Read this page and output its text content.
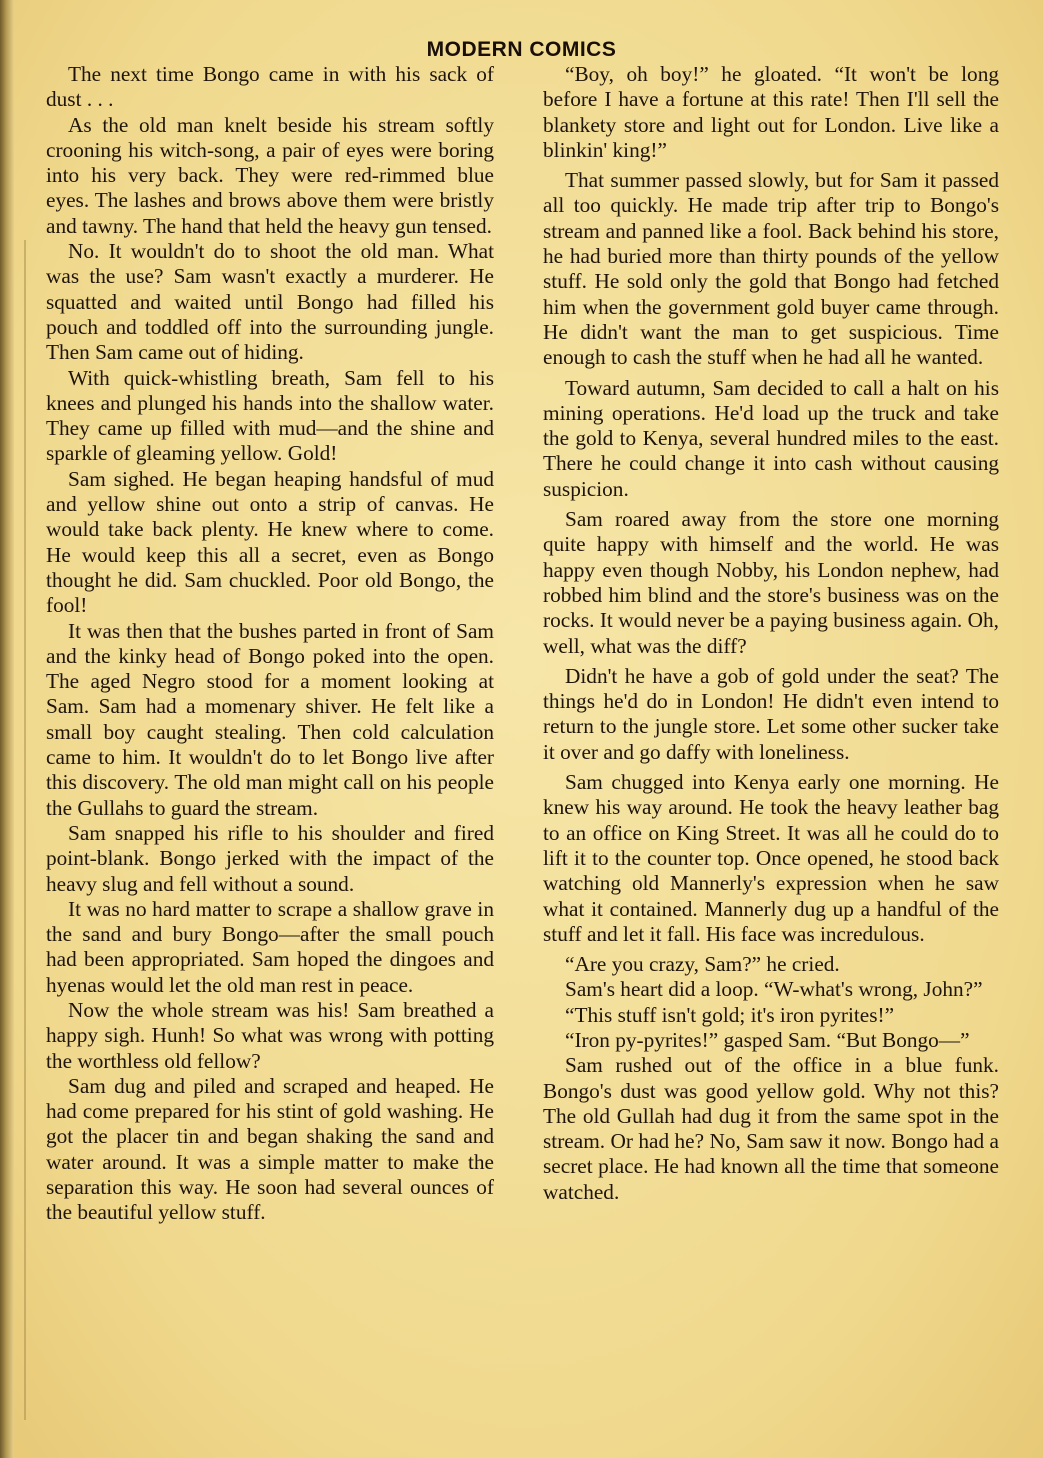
MODERN COMICS

The next time Bongo came in with his sack of dust . . .

As the old man knelt beside his stream softly crooning his witch-song, a pair of eyes were boring into his very back. They were red-rimmed blue eyes. The lashes and brows above them were bristly and tawny. The hand that held the heavy gun tensed.

No. It wouldn't do to shoot the old man. What was the use? Sam wasn't exactly a murderer. He squatted and waited until Bongo had filled his pouch and toddled off into the surrounding jungle. Then Sam came out of hiding.

With quick-whistling breath, Sam fell to his knees and plunged his hands into the shallow water. They came up filled with mud—and the shine and sparkle of gleaming yellow. Gold!

Sam sighed. He began heaping handsful of mud and yellow shine out onto a strip of canvas. He would take back plenty. He knew where to come. He would keep this all a secret, even as Bongo thought he did. Sam chuckled. Poor old Bongo, the fool!

It was then that the bushes parted in front of Sam and the kinky head of Bongo poked into the open. The aged Negro stood for a moment looking at Sam. Sam had a momenary shiver. He felt like a small boy caught stealing. Then cold calculation came to him. It wouldn't do to let Bongo live after this discovery. The old man might call on his people the Gullahs to guard the stream.

Sam snapped his rifle to his shoulder and fired point-blank. Bongo jerked with the impact of the heavy slug and fell without a sound.

It was no hard matter to scrape a shallow grave in the sand and bury Bongo—after the small pouch had been appropriated. Sam hoped the dingoes and hyenas would let the old man rest in peace.

Now the whole stream was his! Sam breathed a happy sigh. Hunh! So what was wrong with potting the worthless old fellow?

Sam dug and piled and scraped and heaped. He had come prepared for his stint of gold washing. He got the placer tin and began shaking the sand and water around. It was a simple matter to make the separation this way. He soon had several ounces of the beautiful yellow stuff.

“Boy, oh boy!” he gloated. “It won't be long before I have a fortune at this rate! Then I'll sell the blankety store and light out for London. Live like a blinkin' king!”

That summer passed slowly, but for Sam it passed all too quickly. He made trip after trip to Bongo's stream and panned like a fool. Back behind his store, he had buried more than thirty pounds of the yellow stuff. He sold only the gold that Bongo had fetched him when the government gold buyer came through. He didn't want the man to get suspicious. Time enough to cash the stuff when he had all he wanted.

Toward autumn, Sam decided to call a halt on his mining operations. He'd load up the truck and take the gold to Kenya, several hundred miles to the east. There he could change it into cash without causing suspicion.

Sam roared away from the store one morning quite happy with himself and the world. He was happy even though Nobby, his London nephew, had robbed him blind and the store's business was on the rocks. It would never be a paying business again. Oh, well, what was the diff?

Didn't he have a gob of gold under the seat? The things he'd do in London! He didn't even intend to return to the jungle store. Let some other sucker take it over and go daffy with loneliness.

Sam chugged into Kenya early one morning. He knew his way around. He took the heavy leather bag to an office on King Street. It was all he could do to lift it to the counter top. Once opened, he stood back watching old Mannerly's expression when he saw what it contained. Mannerly dug up a handful of the stuff and let it fall. His face was incredulous.

“Are you crazy, Sam?” he cried.

Sam's heart did a loop. “W-what's wrong, John?”

“This stuff isn't gold; it's iron pyrites!”

“Iron py-pyrites!” gasped Sam. “But Bongo—”

Sam rushed out of the office in a blue funk. Bongo's dust was good yellow gold. Why not this? The old Gullah had dug it from the same spot in the stream. Or had he? No, Sam saw it now. Bongo had a secret place. He had known all the time that someone watched.
